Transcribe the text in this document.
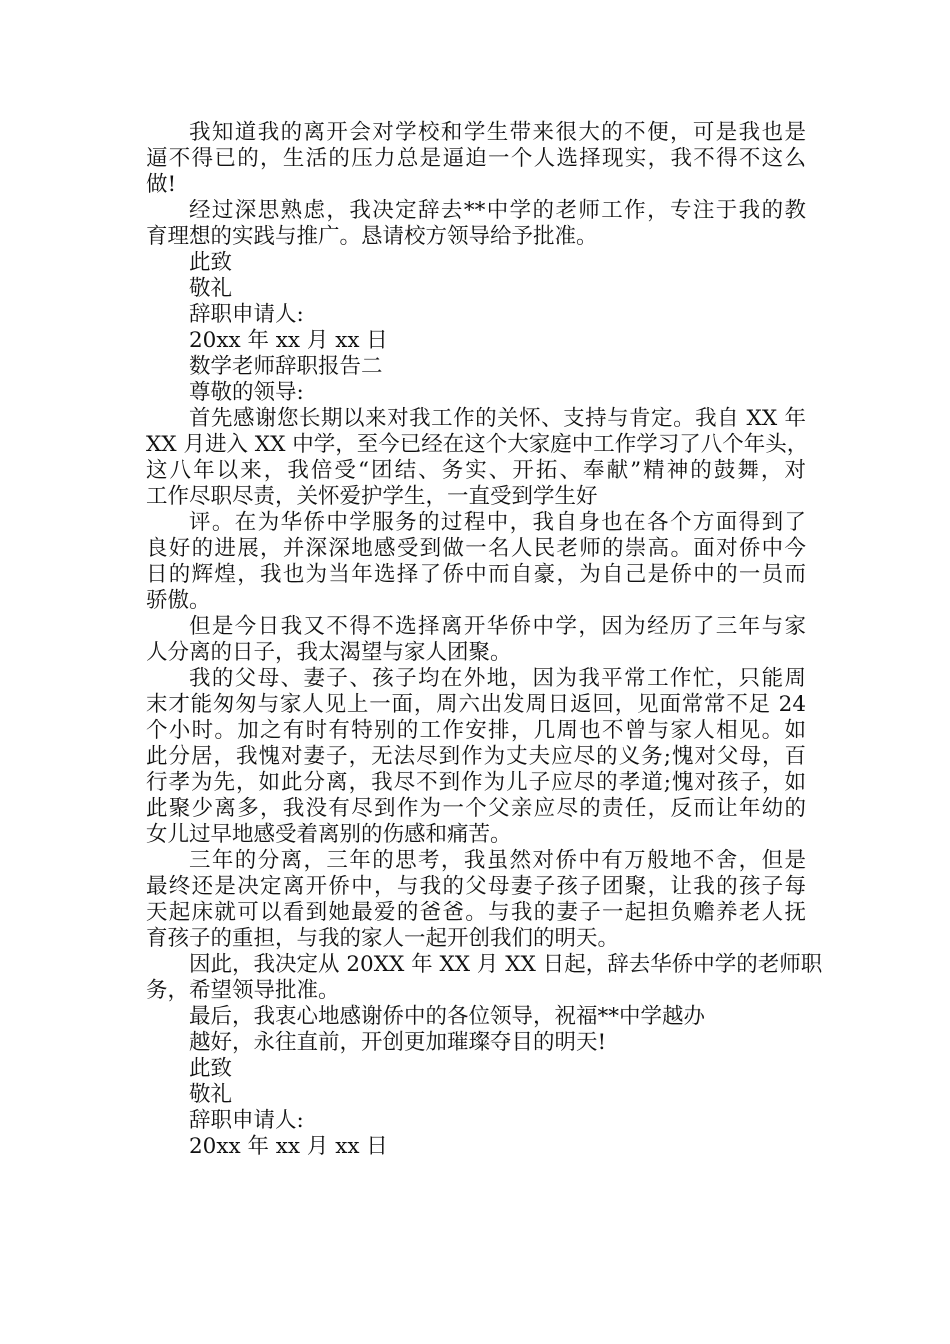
我知道我的离开会对学校和学生带来很大的不便，可是我也是
逼不得已的，生活的压力总是逼迫一个人选择现实，我不得不这么
做!
经过深思熟虑，我决定辞去**中学的老师工作，专注于我的教
育理想的实践与推广。恳请校方领导给予批准。
此致
敬礼
辞职申请人:
20xx 年 xx 月 xx 日
数学老师辞职报告二
尊敬的领导:
首先感谢您长期以来对我工作的关怀、支持与肯定。我自 XX 年
XX 月进入 XX 中学，至今已经在这个大家庭中工作学习了八个年头，
这八年以来，我倍受“团结、务实、开拓、奉献”精神的鼓舞，对
工作尽职尽责，关怀爱护学生，一直受到学生好
评。在为华侨中学服务的过程中，我自身也在各个方面得到了
良好的进展，并深深地感受到做一名人民老师的崇高。面对侨中今
日的辉煌，我也为当年选择了侨中而自豪，为自己是侨中的一员而
骄傲。
但是今日我又不得不选择离开华侨中学，因为经历了三年与家
人分离的日子，我太渴望与家人团聚。
我的父母、妻子、孩子均在外地，因为我平常工作忙，只能周
末才能匆匆与家人见上一面，周六出发周日返回，见面常常不足 24
个小时。加之有时有特别的工作安排，几周也不曾与家人相见。如
此分居，我愧对妻子，无法尽到作为丈夫应尽的义务;愧对父母，百
行孝为先，如此分离，我尽不到作为儿子应尽的孝道;愧对孩子，如
此聚少离多，我没有尽到作为一个父亲应尽的责任，反而让年幼的
女儿过早地感受着离别的伤感和痛苦。
三年的分离，三年的思考，我虽然对侨中有万般地不舍，但是
最终还是决定离开侨中，与我的父母妻子孩子团聚，让我的孩子每
天起床就可以看到她最爱的爸爸。与我的妻子一起担负赡养老人抚
育孩子的重担，与我的家人一起开创我们的明天。
因此，我决定从 20XX 年 XX 月 XX 日起，辞去华侨中学的老师职
务，希望领导批准。
最后，我衷心地感谢侨中的各位领导，祝福**中学越办
越好，永往直前，开创更加璀璨夺目的明天!
此致
敬礼
辞职申请人:
20xx 年 xx 月 xx 日
